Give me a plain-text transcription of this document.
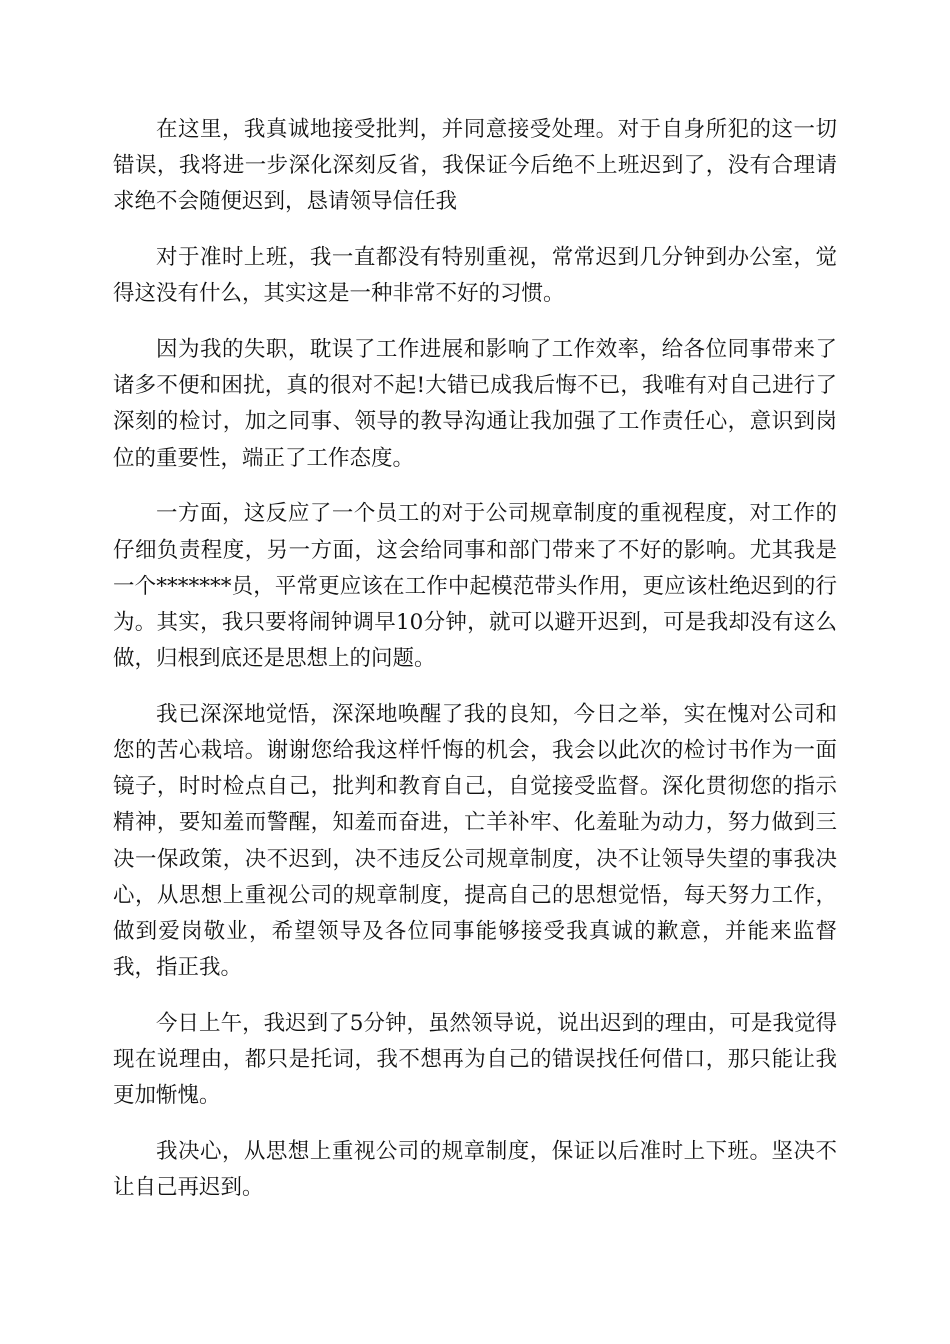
在这里，我真诚地接受批判，并同意接受处理。对于自身所犯的这一切错误，我将进一步深化深刻反省，我保证今后绝不上班迟到了，没有合理请求绝不会随便迟到，恳请领导信任我

对于准时上班，我一直都没有特别重视，常常迟到几分钟到办公室，觉得这没有什么，其实这是一种非常不好的习惯。

因为我的失职，耽误了工作进展和影响了工作效率，给各位同事带来了诸多不便和困扰，真的很对不起!大错已成我后悔不已，我唯有对自己进行了深刻的检讨，加之同事、领导的教导沟通让我加强了工作责任心，意识到岗位的重要性，端正了工作态度。

一方面，这反应了一个员工的对于公司规章制度的重视程度，对工作的仔细负责程度，另一方面，这会给同事和部门带来了不好的影响。尤其我是一个*******员，平常更应该在工作中起模范带头作用，更应该杜绝迟到的行为。其实，我只要将闹钟调早10分钟，就可以避开迟到，可是我却没有这么做，归根到底还是思想上的问题。

我已深深地觉悟，深深地唤醒了我的良知，今日之举，实在愧对公司和您的苦心栽培。谢谢您给我这样忏悔的机会，我会以此次的检讨书作为一面镜子，时时检点自己，批判和教育自己，自觉接受监督。深化贯彻您的指示精神，要知羞而警醒，知羞而奋进，亡羊补牢、化羞耻为动力，努力做到三决一保政策，决不迟到，决不违反公司规章制度，决不让领导失望的事我决心，从思想上重视公司的规章制度，提高自己的思想觉悟，每天努力工作，做到爱岗敬业，希望领导及各位同事能够接受我真诚的歉意，并能来监督我，指正我。

今日上午，我迟到了5分钟，虽然领导说，说出迟到的理由，可是我觉得现在说理由，都只是托词，我不想再为自己的错误找任何借口，那只能让我更加惭愧。

我决心，从思想上重视公司的规章制度，保证以后准时上下班。坚决不让自己再迟到。
